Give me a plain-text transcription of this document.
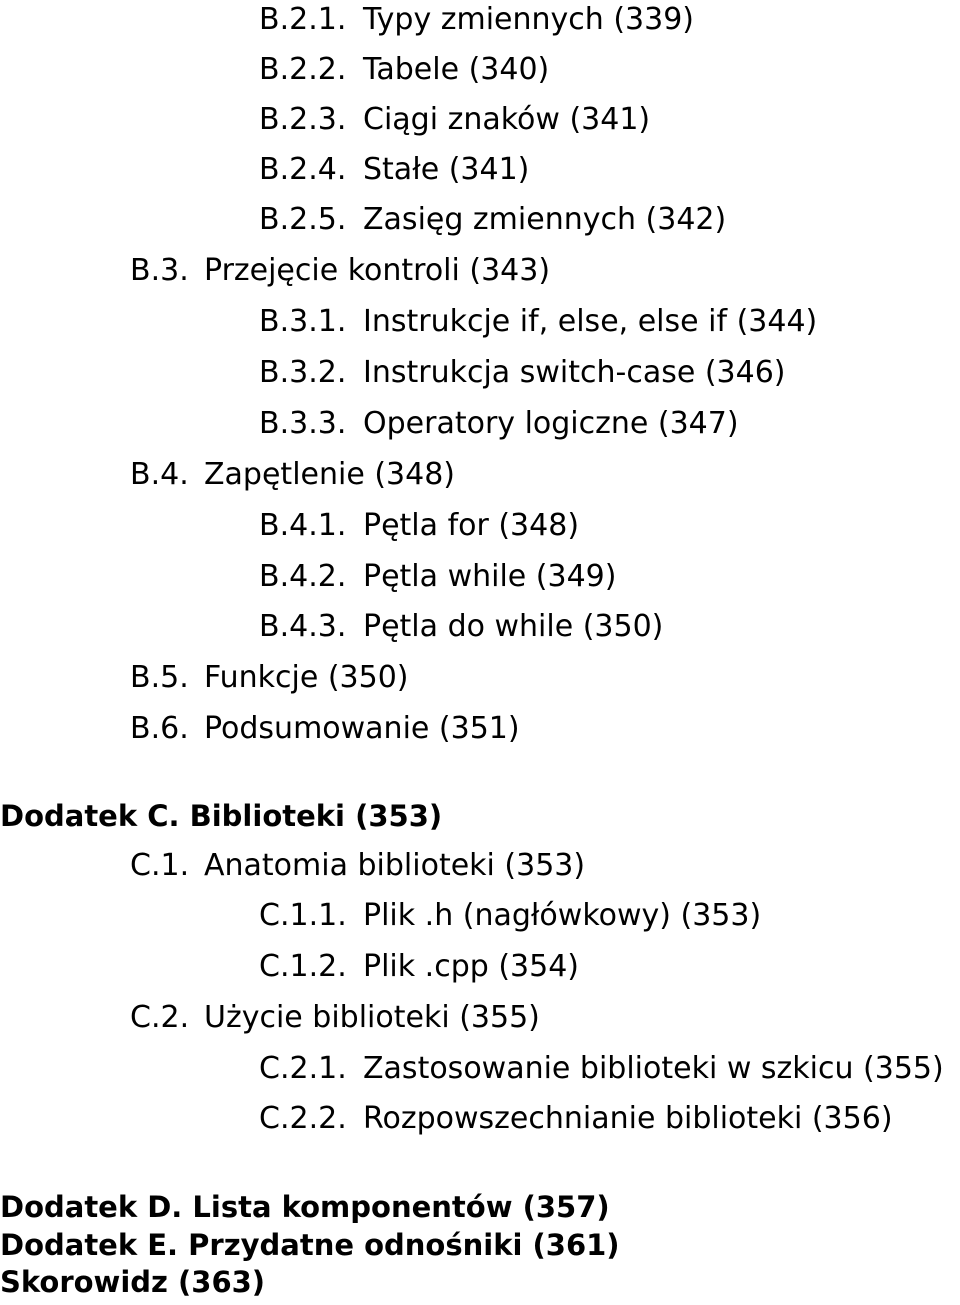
B.2.1. Typy zmiennych (339)

B.2.2. Tabele (340)

B.2.3. Ciągi znaków (341)

B.2.4. Stałe (341)

B.2.5. Zasięg zmiennych (342)

B.3. Przejęcie kontroli (343)

B.3.1. Instrukcje if, else, else if (344)

B.3.2. Instrukcja switch-case (346)

B.3.3. Operatory logiczne (347)

B.4. Zapętlenie (348)

B.4.1. Pętla for (348)

B.4.2. Pętla while (349)

B.4.3. Pętla do while (350)

B.5. Funkcje (350)

B.6. Podsumowanie (351)

Dodatek C. Biblioteki (353)

C.1. Anatomia biblioteki (353)

C.1.1. Plik .h (nagłówkowy) (353)

C.1.2. Plik .cpp (354)

C.2. Użycie biblioteki (355)

C.2.1. Zastosowanie biblioteki w szkicu (355)

C.2.2. Rozpowszechnianie biblioteki (356)

Dodatek D. Lista komponentów (357)

Dodatek E. Przydatne odnośniki (361)

Skorowidz (363)
